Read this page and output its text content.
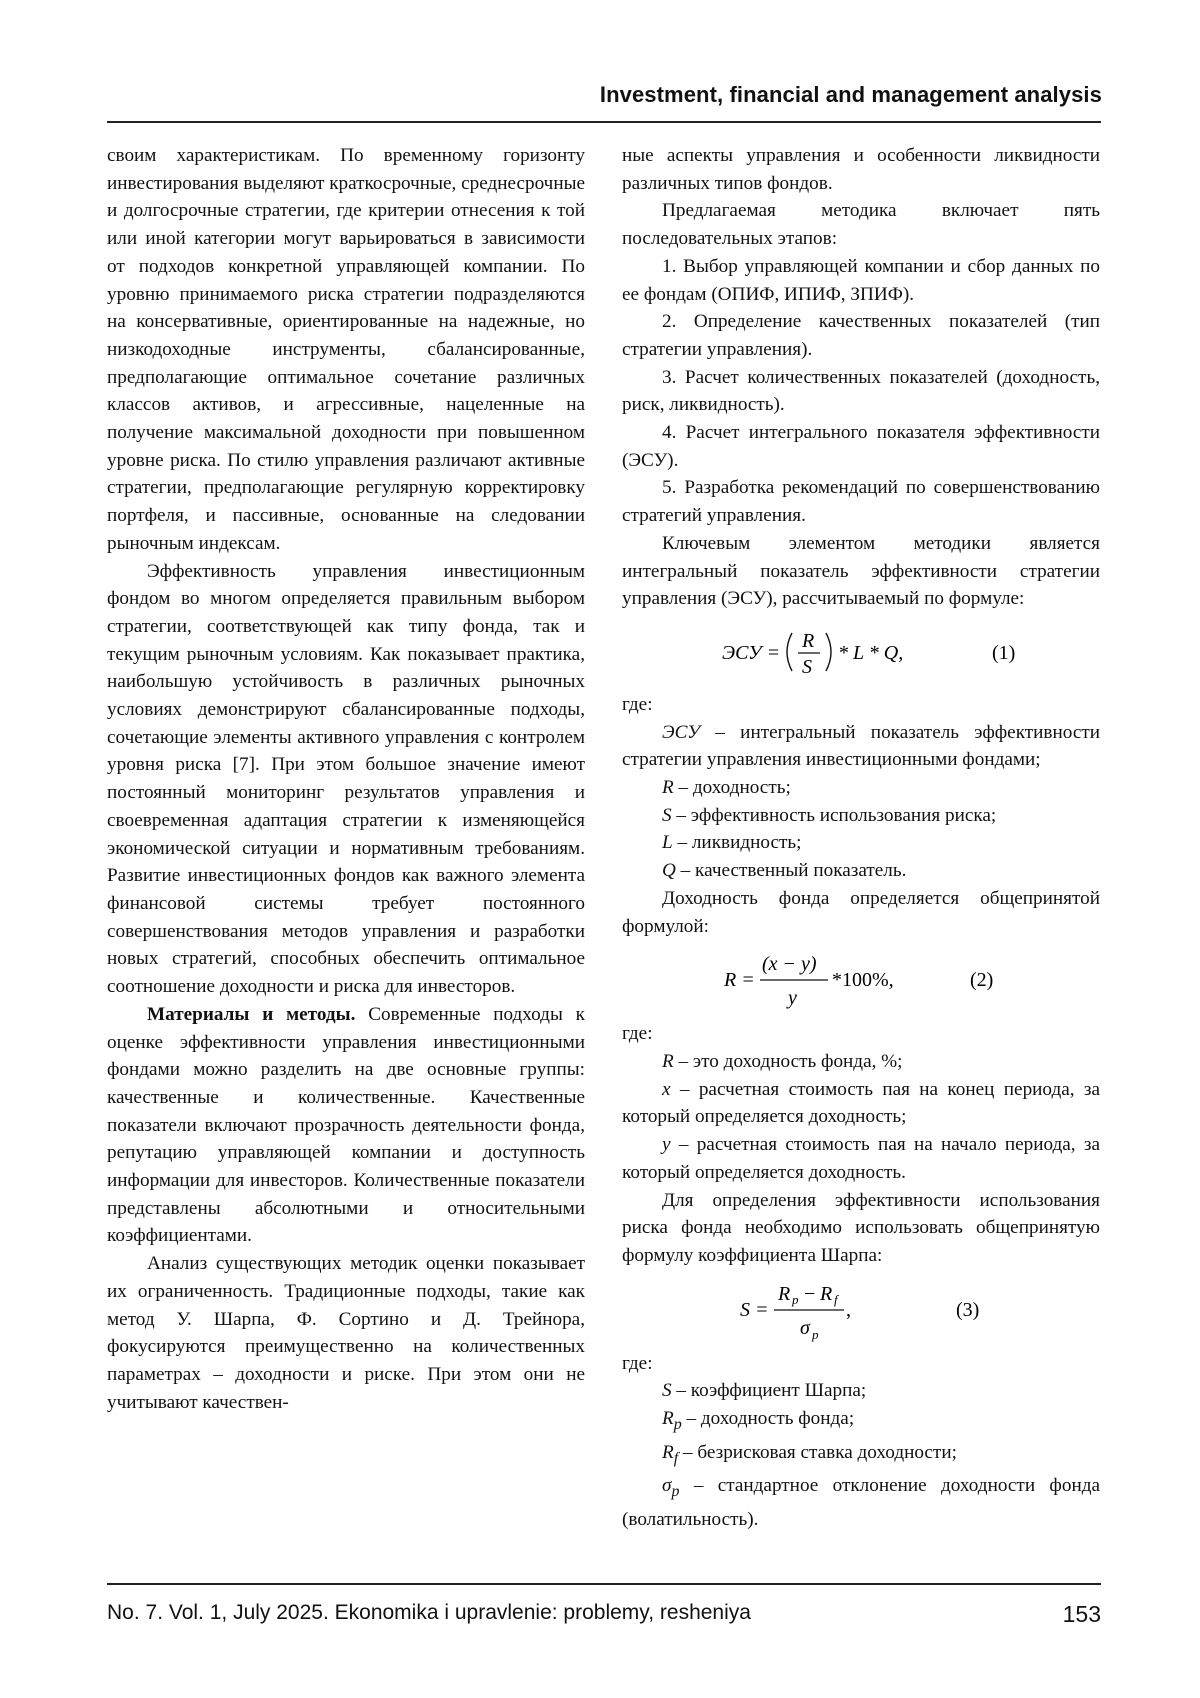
Investment, financial and management analysis

своим характеристикам. По временному горизонту инвестирования выделяют краткосрочные, среднесрочные и долгосрочные стратегии, где критерии отнесения к той или иной категории могут варьироваться в зависимости от подходов конкретной управляющей компании. По уровню принимаемого риска стратегии подразделяются на консервативные, ориентированные на надежные, но низкодоходные инструменты, сбалансированные, предполагающие оптимальное сочетание различных классов активов, и агрессивные, нацеленные на получение максимальной доходности при повышенном уровне риска. По стилю управления различают активные стратегии, предполагающие регулярную корректировку портфеля, и пассивные, основанные на следовании рыночным индексам.

Эффективность управления инвестиционным фондом во многом определяется правильным выбором стратегии, соответствующей как типу фонда, так и текущим рыночным условиям. Как показывает практика, наибольшую устойчивость в различных рыночных условиях демонстрируют сбалансированные подходы, сочетающие элементы активного управления с контролем уровня риска [7]. При этом большое значение имеют постоянный мониторинг результатов управления и своевременная адаптация стратегии к изменяющейся экономической ситуации и нормативным требованиям. Развитие инвестиционных фондов как важного элемента финансовой системы требует постоянного совершенствования методов управления и разработки новых стратегий, способных обеспечить оптимальное соотношение доходности и риска для инвесторов.

Материалы и методы. Современные подходы к оценке эффективности управления инвестиционными фондами можно разделить на две основные группы: качественные и количественные. Качественные показатели включают прозрачность деятельности фонда, репутацию управляющей компании и доступность информации для инвесторов. Количественные показатели представлены абсолютными и относительными коэффициентами.

Анализ существующих методик оценки показывает их ограниченность. Традиционные подходы, такие как метод У. Шарпа, Ф. Сортино и Д. Трейнора, фокусируются преимущественно на количественных параметрах – доходности и риске. При этом они не учитывают качествен-

ные аспекты управления и особенности ликвидности различных типов фондов.

Предлагаемая методика включает пять последовательных этапов:

1. Выбор управляющей компании и сбор данных по ее фондам (ОПИФ, ИПИФ, ЗПИФ).

2. Определение качественных показателей (тип стратегии управления).

3. Расчет количественных показателей (доходность, риск, ликвидность).

4. Расчет интегрального показателя эффективности (ЭСУ).

5. Разработка рекомендаций по совершенствованию стратегий управления.

Ключевым элементом методики является интегральный показатель эффективности стратегии управления (ЭСУ), рассчитываемый по формуле:

ЭСУ =
R
S
* L * Q,	(1)

где:

ЭСУ – интегральный показатель эффективности стратегии управления инвестиционными фондами;

R – доходность;

S – эффективность использования риска;

L – ликвидность;

Q – качественный показатель.

Доходность фонда определяется общепринятой формулой:

R =
(x − y)
y
*100%,	(2)

где:

R – это доходность фонда, %;

x – расчетная стоимость пая на конец периода, за который определяется доходность;

y – расчетная стоимость пая на начало периода, за который определяется доходность.

Для определения эффективности использования риска фонда необходимо использовать общепринятую формулу коэффициента Шарпа:

S =
R p − R f
σ p
,	(3)

где:

S – коэффициент Шарпа;

$R_p$ – доходность фонда;

$R_f$ – безрисковая ставка доходности;

$\sigma_p$ – стандартное отклонение доходности фонда (волатильность).

No. 7. Vol. 1, July 2025. Ekonomika i upravlenie: problemy, resheniya	153
